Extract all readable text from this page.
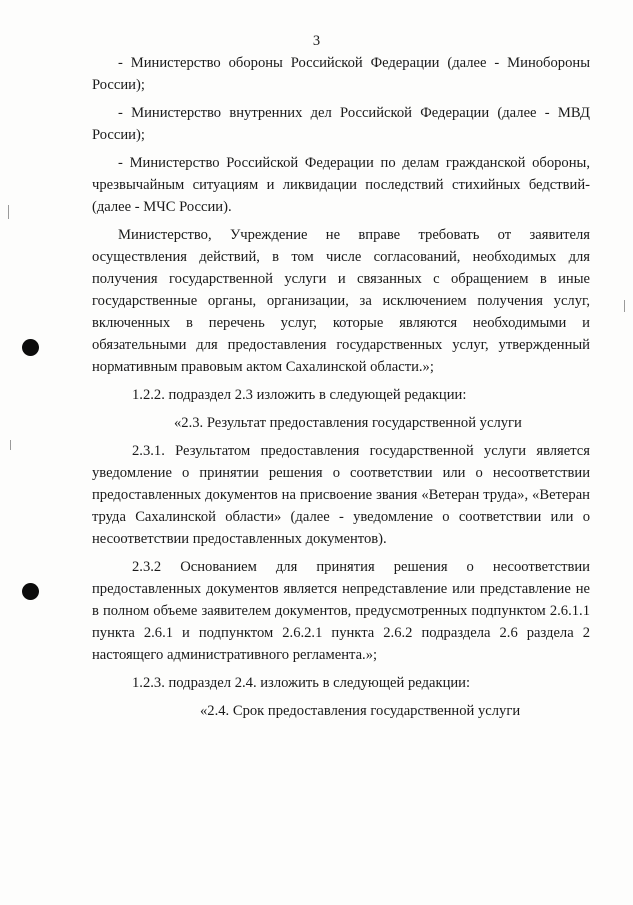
3

- Министерство обороны Российской Федерации (далее - Минобороны России);

- Министерство внутренних дел Российской Федерации (далее - МВД России);

- Министерство Российской Федерации по делам гражданской обороны, чрезвычайным ситуациям и ликвидации последствий стихийных бедствий- (далее - МЧС России).

Министерство, Учреждение не вправе требовать от заявителя осуществления действий, в том числе согласований, необходимых для получения государственной услуги и связанных с обращением в иные государственные органы, организации, за исключением получения услуг, включенных в перечень услуг, которые являются необходимыми и обязательными для предоставления государственных услуг, утвержденный нормативным правовым актом Сахалинской области.»;

1.2.2. подраздел 2.3 изложить в следующей редакции:

«2.3. Результат предоставления государственной услуги

2.3.1. Результатом предоставления государственной услуги является уведомление о принятии решения о соответствии или о несоответствии предоставленных документов на присвоение звания «Ветеран труда», «Ветеран труда Сахалинской области» (далее - уведомление о соответствии или о несоответствии предоставленных документов).

2.3.2 Основанием для принятия решения о несоответствии предоставленных документов является непредставление или представление не в полном объеме заявителем документов, предусмотренных подпунктом 2.6.1.1 пункта 2.6.1 и подпунктом 2.6.2.1 пункта 2.6.2 подраздела 2.6 раздела 2 настоящего административного регламента.»;

1.2.3. подраздел 2.4. изложить в следующей редакции:

«2.4. Срок предоставления государственной услуги
